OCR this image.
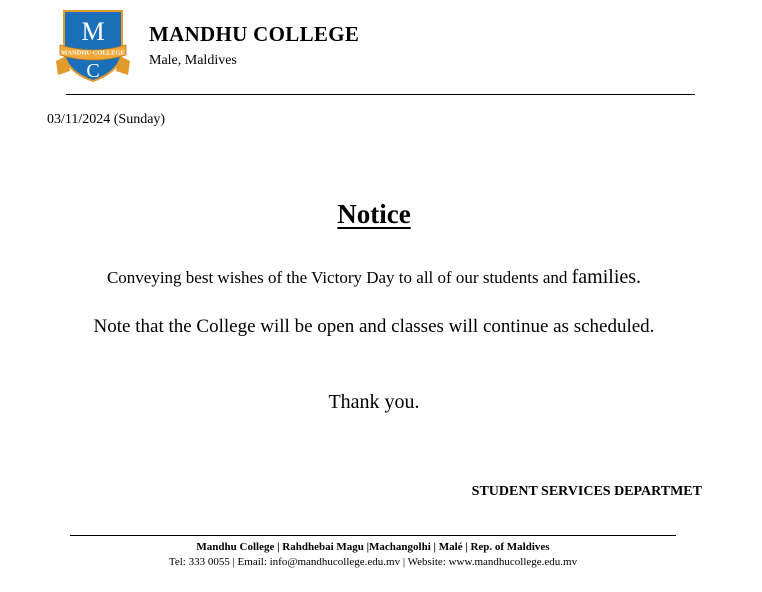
M
MANDHU COLLEGE
C
MANDHU COLLEGE
Male, Maldives
03/11/2024 (Sunday)
Notice
Conveying best wishes of the Victory Day to all of our students and families.
Note that the College will be open and classes will continue as scheduled.
Thank you.
STUDENT SERVICES DEPARTMET
Mandhu College | Rahdhebai Magu |Machangolhi | Malé | Rep. of Maldives
Tel: 333 0055 | Email: info@mandhucollege.edu.mv | Website: www.mandhucollege.edu.mv
